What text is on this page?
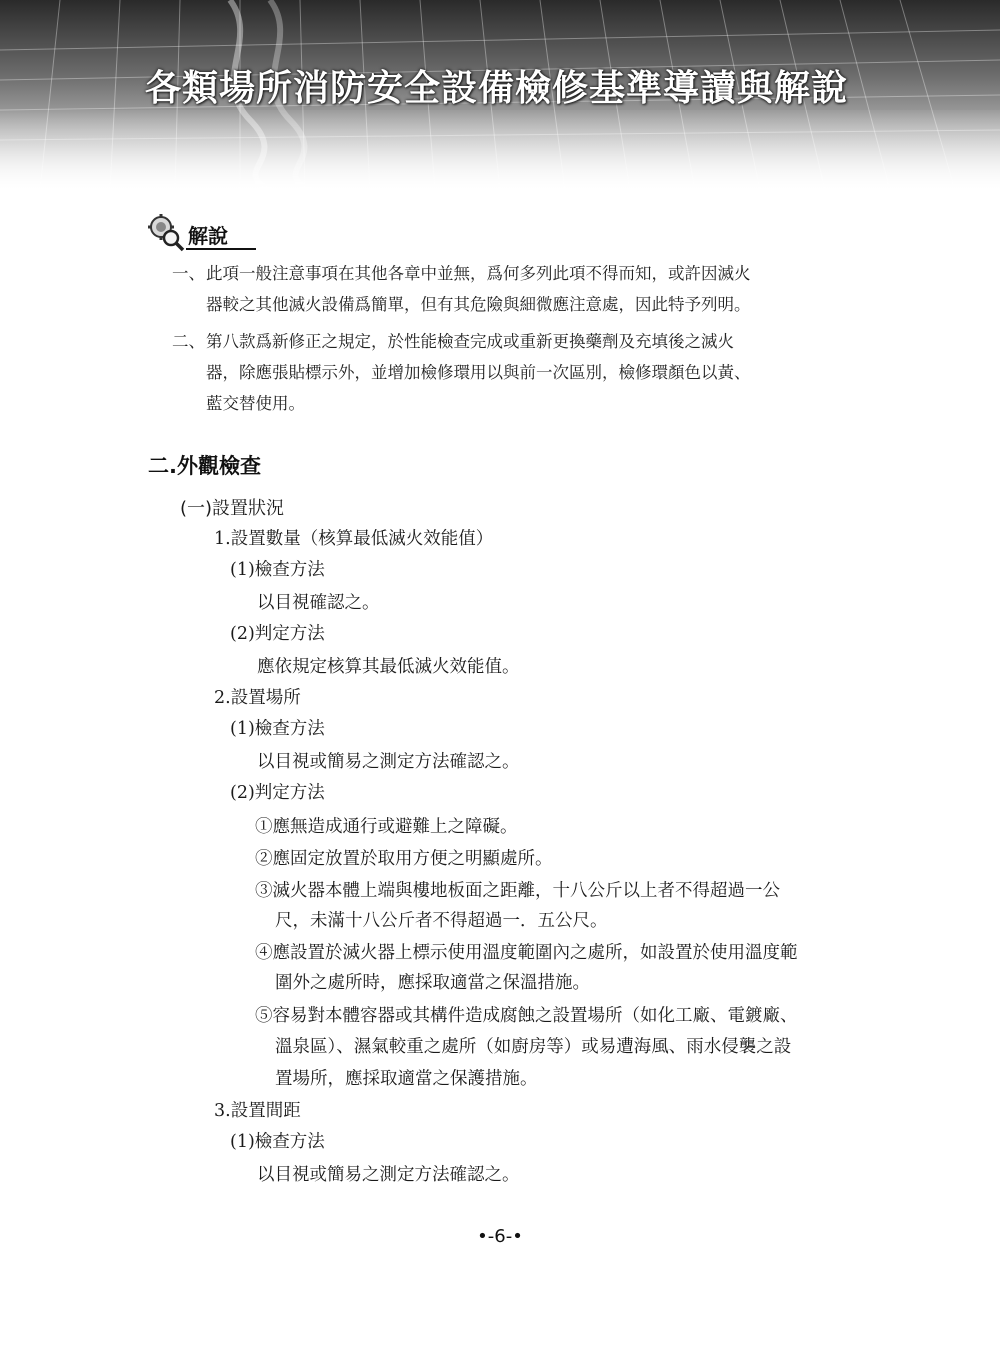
各類場所消防安全設備檢修基準導讀與解說
解說
一、 此項一般注意事項在其他各章中並無，爲何多列此項不得而知，或許因滅火
器較之其他滅火設備爲簡單，但有其危險與細微應注意處，因此特予列明。
二、 第八款爲新修正之規定，於性能檢查完成或重新更換藥劑及充填後之滅火
器，除應張貼標示外，並增加檢修環用以與前一次區別，檢修環顏色以黃、
藍交替使用。
二.外觀檢查
(一)設置狀況
1.設置數量（核算最低滅火效能值）
(1)檢查方法
以目視確認之。
(2)判定方法
應依規定核算其最低滅火效能值。
2.設置場所
(1)檢查方法
以目視或簡易之測定方法確認之。
(2)判定方法
①應無造成通行或避難上之障礙。
②應固定放置於取用方便之明顯處所。
③滅火器本體上端與樓地板面之距離，十八公斤以上者不得超過一公
尺，未滿十八公斤者不得超過一．五公尺。
④應設置於滅火器上標示使用溫度範圍內之處所，如設置於使用溫度範
圍外之處所時，應採取適當之保溫措施。
⑤容易對本體容器或其構件造成腐蝕之設置場所（如化工廠、電鍍廠、
溫泉區）、濕氣較重之處所（如廚房等）或易遭海風、雨水侵襲之設
置場所，應採取適當之保護措施。
3.設置間距
(1)檢查方法
以目視或簡易之測定方法確認之。
•-6-•
